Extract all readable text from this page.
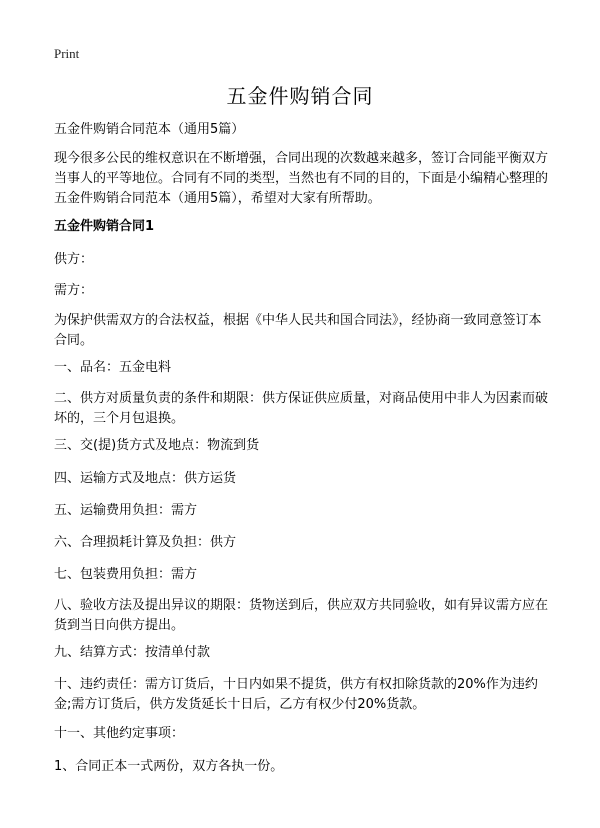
Print
五金件购销合同

五金件购销合同范本（通用5篇）

现今很多公民的维权意识在不断增强，合同出现的次数越来越多，签订合同能平衡双方当事人的平等地位。合同有不同的类型，当然也有不同的目的，下面是小编精心整理的五金件购销合同范本（通用5篇），希望对大家有所帮助。

五金件购销合同1

供方：

需方：

为保护供需双方的合法权益，根据《中华人民共和国合同法》，经协商一致同意签订本合同。

一、品名：五金电料

二、供方对质量负责的条件和期限：供方保证供应质量，对商品使用中非人为因素而破坏的，三个月包退换。

三、交(提)货方式及地点：物流到货

四、运输方式及地点：供方运货

五、运输费用负担：需方

六、合理损耗计算及负担：供方

七、包装费用负担：需方

八、验收方法及提出异议的期限：货物送到后，供应双方共同验收，如有异议需方应在货到当日向供方提出。

九、结算方式：按清单付款

十、违约责任：需方订货后，十日内如果不提货，供方有权扣除货款的20%作为违约金;需方订货后，供方发货延长十日后，乙方有权少付20%货款。

十一、其他约定事项：

1、合同正本一式两份，双方各执一份。
